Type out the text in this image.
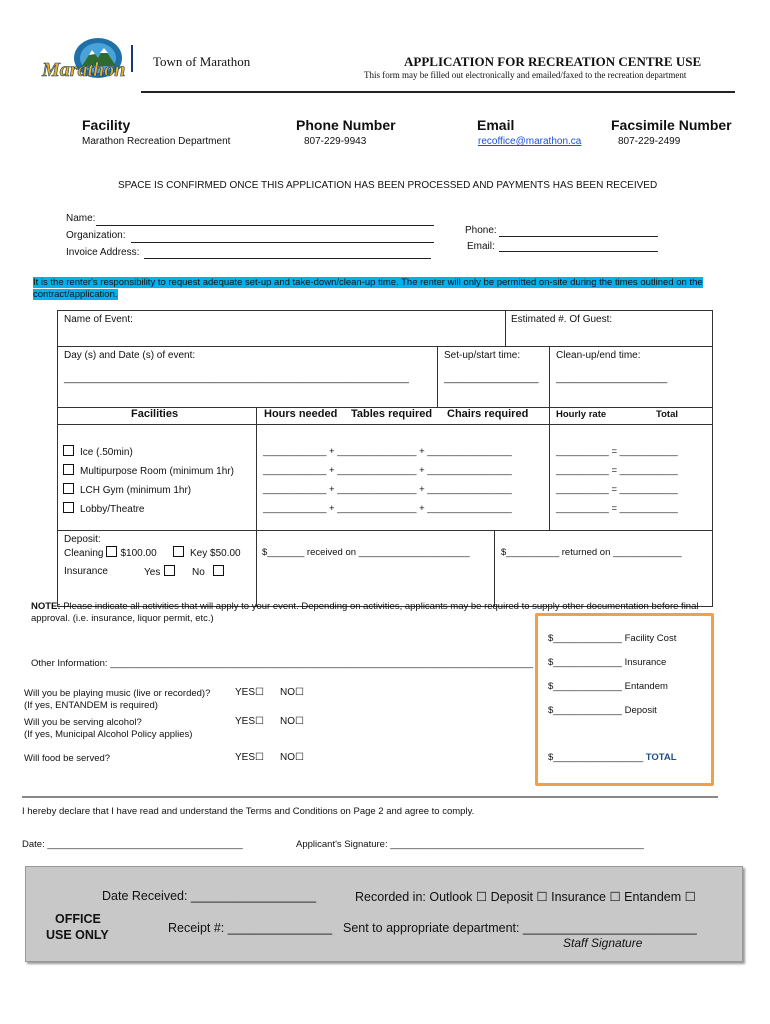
Marathon Town of Marathon	APPLICATION FOR RECREATION CENTRE USE
This form may be filled out electronically and emailed/faxed to the recreation department
Facility
Marathon Recreation Department
Phone Number
807-229-9943
Email
recoffice@marathon.ca
Facsimile Number
807-229-2499
SPACE IS CONFIRMED ONCE THIS APPLICATION HAS BEEN PROCESSED AND PAYMENTS HAS BEEN RECEIVED
Name:
Organization:
Invoice Address:
Phone:
Email:
It is the renter's responsibility to request adequate set-up and take-down/clean-up time. The renter will only be permitted on-site during the times outlined on the contract/application.
Name of Event:	Estimated #. Of Guest:
Day (s) and Date (s) of event:	Set-up/start time:	Clean-up/end time:
______________________________________________________________	_________________ ____________________
Facilities	Hours needed Tables required Chairs required	Hourly rate	Total
Ice (.50min)	____________ + _______________ + ________________	__________ = ___________
Multipurpose Room (minimum 1hr)	____________ + _______________ + ________________	__________ = ___________
LCH Gym (minimum 1hr)	____________ + _______________ + ________________	__________ = ___________
Lobby/Theatre	____________ + _______________ + ________________	__________ = ___________
Deposit:
Cleaning $100.00	Key $50.00
Insurance	Yes	No
$_______ received on _____________________	$__________ returned on _____________
NOTE: Please indicate all activities that will apply to your event. Depending on activities, applicants may be required to supply other documentation before final approval. (i.e. insurance, liquor permit, etc.)
$_____________ Facility Cost
$_____________ Insurance
$_____________ Entandem
$_____________ Deposit
$_________________ TOTAL
Other Information: ________________________________________________________________________________
Will you be playing music (live or recorded)?
(If yes, ENTANDEM is required)
YES☐ NO☐
Will you be serving alcohol?
(If yes, Municipal Alcohol Policy applies)
YES☐ NO☐
Will food be served?	YES☐ NO☐
I hereby declare that I have read and understand the Terms and Conditions on Page 2 and agree to comply.
Date: _____________________________________	Applicant's Signature: ________________________________________________
Date Received: __________________	Recorded in: Outlook ☐ Deposit ☐ Insurance ☐ Entandem ☐
OFFICE
USE ONLY	Receipt #: _______________ Sent to appropriate department: _________________________
Staff Signature
